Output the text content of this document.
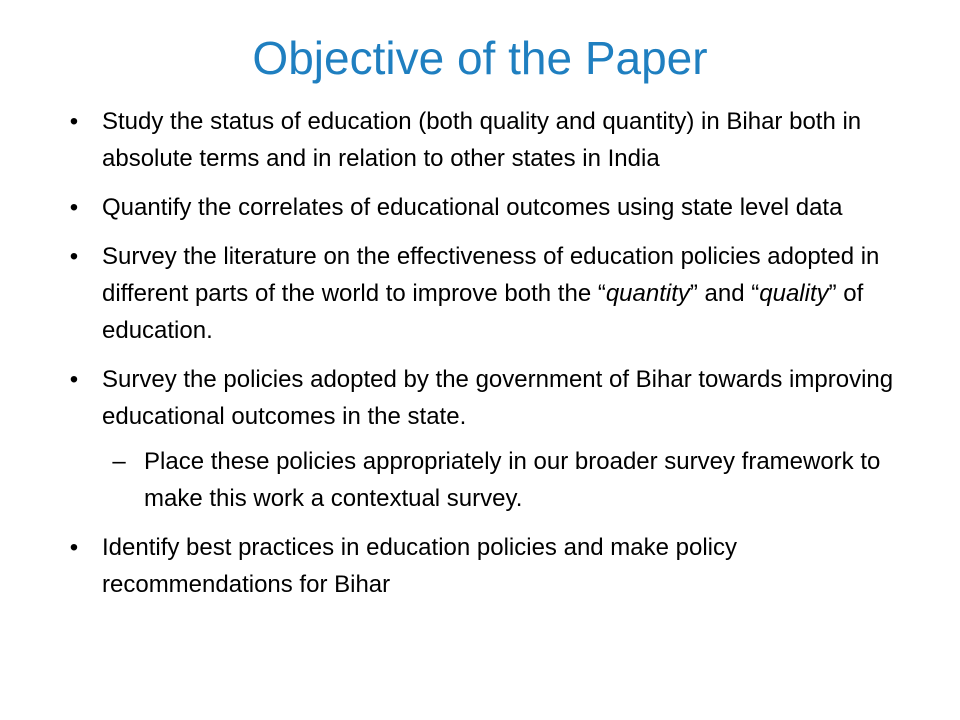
Objective of the Paper
• Study the status of education (both quality and quantity) in Bihar both in absolute terms and in relation to other states in India
• Quantify the correlates of educational outcomes using state level data
• Survey the literature on the effectiveness of education policies adopted in different parts of the world to improve both the “quantity” and “quality” of education.
• Survey the policies adopted by the government of Bihar towards improving educational outcomes in the state.
– Place these policies appropriately in our broader survey framework to make this work a contextual survey.
• Identify best practices in education policies and make policy recommendations for Bihar
